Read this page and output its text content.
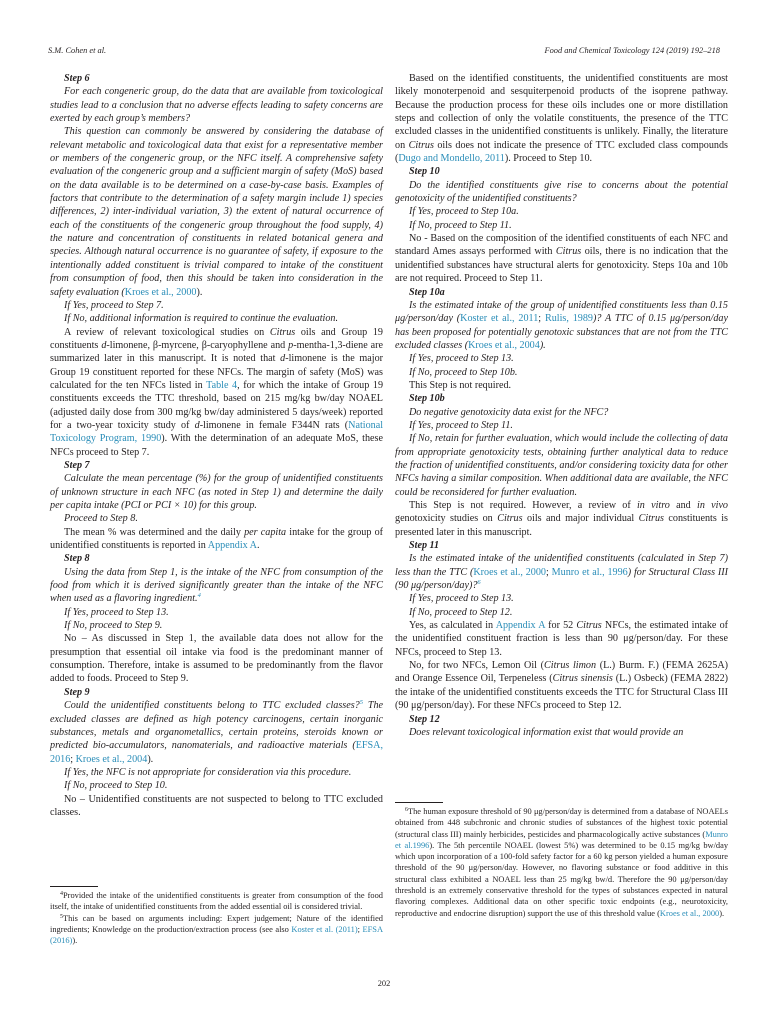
S.M. Cohen et al.	Food and Chemical Toxicology 124 (2019) 192–218

Step 6

For each congeneric group, do the data that are available from toxicological studies lead to a conclusion that no adverse effects leading to safety concerns are exerted by each group’s members?

This question can commonly be answered by considering the database of relevant metabolic and toxicological data that exist for a representative member or members of the congeneric group, or the NFC itself. A comprehensive safety evaluation of the congeneric group and a sufficient margin of safety (MoS) based on the data available is to be determined on a case-by-case basis. Examples of factors that contribute to the determination of a safety margin include 1) species differences, 2) inter-individual variation, 3) the extent of natural occurrence of each of the constituents of the congeneric group throughout the food supply, 4) the nature and concentration of constituents in related botanical genera and species. Although natural occurrence is no guarantee of safety, if exposure to the intentionally added constituent is trivial compared to intake of the constituent from consumption of food, then this should be taken into consideration in the safety evaluation (Kroes et al., 2000).

If Yes, proceed to Step 7.

If No, additional information is required to continue the evaluation.

A review of relevant toxicological studies on Citrus oils and Group 19 constituents d-limonene, β-myrcene, β-caryophyllene and p-mentha-1,3-diene are summarized later in this manuscript. It is noted that d-limonene is the major Group 19 constituent reported for these NFCs. The margin of safety (MoS) was calculated for the ten NFCs listed in Table 4, for which the intake of Group 19 constituents exceeds the TTC threshold, based on 215 mg/kg bw/day NOAEL (adjusted daily dose from 300 mg/kg bw/day administered 5 days/week) reported for a two-year toxicity study of d-limonene in female F344N rats (National Toxicology Program, 1990). With the determination of an adequate MoS, these NFCs proceed to Step 7.

Step 7

Calculate the mean percentage (%) for the group of unidentified constituents of unknown structure in each NFC (as noted in Step 1) and determine the daily per capita intake (PCI or PCI × 10) for this group.

Proceed to Step 8.

The mean % was determined and the daily per capita intake for the group of unidentified constituents is reported in Appendix A.

Step 8

Using the data from Step 1, is the intake of the NFC from consumption of the food from which it is derived significantly greater than the intake of the NFC when used as a flavoring ingredient.$^4$

If Yes, proceed to Step 13.

If No, proceed to Step 9.

No – As discussed in Step 1, the available data does not allow for the presumption that essential oil intake via food is the predominant manner of consumption. Therefore, intake is assumed to be predominantly from the flavor added to foods. Proceed to Step 9.

Step 9

Could the unidentified constituents belong to TTC excluded classes?$^5$ The excluded classes are defined as high potency carcinogens, certain inorganic substances, metals and organometallics, certain proteins, steroids known or predicted bio-accumulators, nanomaterials, and radioactive materials (EFSA, 2016; Kroes et al., 2004).

If Yes, the NFC is not appropriate for consideration via this procedure.

If No, proceed to Step 10.

No – Unidentified constituents are not suspected to belong to TTC excluded classes.

$^4$Provided the intake of the unidentified constituents is greater from consumption of the food itself, the intake of unidentified constituents from the added essential oil is considered trivial.

$^5$This can be based on arguments including: Expert judgement; Nature of the identified ingredients; Knowledge on the production/extraction process (see also Koster et al. (2011); EFSA (2016)).

Based on the identified constituents, the unidentified constituents are most likely monoterpenoid and sesquiterpenoid products of the isoprene pathway. Because the production process for these oils includes one or more distillation steps and collection of only the volatile constituents, the presence of the TTC excluded classes in the unidentified constituents is unlikely. Finally, the literature on Citrus oils does not indicate the presence of TTC excluded class compounds (Dugo and Mondello, 2011). Proceed to Step 10.

Step 10

Do the identified constituents give rise to concerns about the potential genotoxicity of the unidentified constituents?

If Yes, proceed to Step 10a.

If No, proceed to Step 11.

No - Based on the composition of the identified constituents of each NFC and standard Ames assays performed with Citrus oils, there is no indication that the unidentified substances have structural alerts for genotoxicity. Steps 10a and 10b are not required. Proceed to Step 11.

Step 10a

Is the estimated intake of the group of unidentified constituents less than 0.15 μg/person/day (Koster et al., 2011; Rulis, 1989)? A TTC of 0.15 μg/person/day has been proposed for potentially genotoxic substances that are not from the TTC excluded classes (Kroes et al., 2004).

If Yes, proceed to Step 13.

If No, proceed to Step 10b.

This Step is not required.

Step 10b

Do negative genotoxicity data exist for the NFC?

If Yes, proceed to Step 11.

If No, retain for further evaluation, which would include the collecting of data from appropriate genotoxicity tests, obtaining further analytical data to reduce the fraction of unidentified constituents, and/or considering toxicity data for other NFCs having a similar composition. When additional data are available, the NFC could be reconsidered for further evaluation.

This Step is not required. However, a review of in vitro and in vivo genotoxicity studies on Citrus oils and major individual Citrus constituents is presented later in this manuscript.

Step 11

Is the estimated intake of the unidentified constituents (calculated in Step 7) less than the TTC (Kroes et al., 2000; Munro et al., 1996) for Structural Class III (90 μg/person/day)?$^6$

If Yes, proceed to Step 13.

If No, proceed to Step 12.

Yes, as calculated in Appendix A for 52 Citrus NFCs, the estimated intake of the unidentified constituent fraction is less than 90 μg/person/day. For these NFCs, proceed to Step 13.

No, for two NFCs, Lemon Oil (Citrus limon (L.) Burm. F.) (FEMA 2625A) and Orange Essence Oil, Terpeneless (Citrus sinensis (L.) Osbeck) (FEMA 2822) the intake of the unidentified constituents exceeds the TTC for Structural Class III (90 μg/person/day). For these NFCs proceed to Step 12.

Step 12

Does relevant toxicological information exist that would provide an

$^6$The human exposure threshold of 90 μg/person/day is determined from a database of NOAELs obtained from 448 subchronic and chronic studies of substances of the highest toxic potential (structural class III) mainly herbicides, pesticides and pharmacologically active substances (Munro et al.1996). The 5th percentile NOAEL (lowest 5%) was determined to be 0.15 mg/kg bw/day which upon incorporation of a 100-fold safety factor for a 60 kg person yielded a human exposure threshold of the 90 μg/person/day. However, no flavoring substance or food additive in this structural class exhibited a NOAEL less than 25 mg/kg bw/d. Therefore the 90 μg/person/day threshold is an extremely conservative threshold for the types of substances expected in natural flavoring complexes. Additional data on other specific toxic endpoints (e.g., neurotoxicity, reproductive and endocrine disruption) support the use of this threshold value (Kroes et al., 2000).

202
